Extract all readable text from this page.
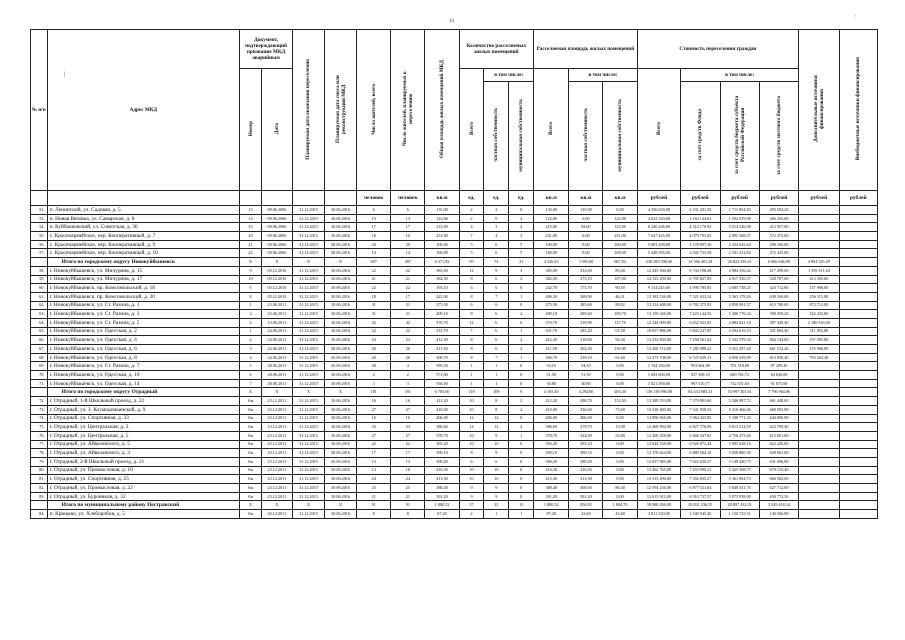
13	ˈ
|
№ п/п	Адрес МКД	Документ, подтверждающий признание МКД аварийным		Планируемая дата окончания переселения	Планируемая дата сноса или реконструкции МКД	Число жителей, всего	Число жителей, планируемых к переселению	Общая площадь жилых помещений МКД	Количество расселяемых жилых помещений			Расселяемая площадь жилых помещений			Стоимость переселения граждан				Дополнительные источники финансирования	Внебюджетные источники финансирования
		Номер	Дата						Всего	в том числе:		Всего	в том числе:		Всего	в том числе:				
										частная собственность	муниципальная собственность		частная собственность	муниципальная собственность		за счет средств Фонда	за счет средств бюджета субъекта Российской Федерации	за счет средств местного бюджета		
						человек	человек	кв.м	ед.	ед.	ед.	кв.м	кв.м	кв.м	рублей	рублей	рублей	рублей	рублей	рублей
52.	п. Ленинский, ул. Садовая, д. 5	13	09.06.2006	31.12.2015	30.06.2016	6	6	135,00	2	2	0	135,00	135,00	0,00	4 336 650,00	2 331 201,50	1 711 854,30	293 594,20		
53.	п. Новая Вязовка, ул. Самарская, д. 8	14	09.06.2006	31.12.2015	30.06.2016	13	13	122,00	2	0	2	122,00	0,00	122,00	4 022 320,00	2 163 144,02	1 592 919,98	266 256,00		
54.	п. Куйбышевский, ул. Советская, д. 30	15	09.06.2006	31.12.2015	30.06.2016	17	17	215,00	4	2	2	215,00	92,00	123,00	8 240 246,00	4 314 170,92	3 514 546,08	412 957,00		
55.	с. Красноармейское, пер. Кооперативный, д. 7	20	09.06.2006	31.12.2015	30.06.2016	16	16	231,00	7	4	3	231,00	0,00	231,00	7 647 445,00	4 079 703,65	2 995 368,37	572 372,00		
56.	с. Красноармейское, пер. Кооперативный, д. 9	21	09.06.2006	31.12.2015	30.06.2016	20	20	100,00	5	0	5	100,00	0,00	100,00	5 803 200,00	3 178 997,36	2 334 045,64	290 160,00		
57.	с. Красноармейское, пер. Кооперативный, д. 10	22	09.06.2006	31.12.2015	30.06.2016	14	14	169,00	5	0	5	169,00	0,00	169,00	5 448 505,00	2 945 733,58	2 181 412,82	272 425,00		
	Итого по городскому округу Новокуйбышевск	X	X	X	X	497	497	6 371,92	95	74	21	4 326,43	3 505,60	867,83	238 283 598,00	34 366 401,38	26 822 416,41	6 966 646,00	4 884 345,29	
58.	г. Новокуйбышевск, ул. Мичурина, д. 15	9	05.12.2010	31.12.2015	30.06.2016	22	22	383,00	12	9	3	383,00	233,60	89,40	12 245 500,00	6 744 198,28	4 984 356,42	617 299,00	1 359 311,20	
59.	г. Новокуйбышевск, ул. Мичурина, д. 17	10	05.12.2010	31.12.2015	30.06.2016	21	21	382,50	8	6	2	382,50	275,10	107,00	12 123 250,00	6 705 827,83	4 917 356,37	528 707,00	413 305,60	
60.	г. Новокуйбышевск, пр. Комсомольский, д. 18	5	05.12.2010	31.12.2015	30.06.2016	22	22	393,10	6	6	0	242,70	173,70	90,50	9 114 245,00	4 990 785,85	3 685 738,25	423 712,80	157 996,00	
61.	г. Новокуйбышевск, пр. Комсомольский, д. 20	8	05.12.2010	31.12.2015	30.06.2016	18	17	422,00	8	7	1	406,30	369,90	46,31	13 182 536,00	7 321 633,24	5 363 178,26	639 160,60	256 115,80	
62.	г. Новокуйбышевск, ул. Ст. Разина, д. 1	1	23.06.2011	31.12.2015	30.06.2016	31	31	275,50	6	6	0	275,50	185,60	89,92	13 224 688,00	6 782 375,83	4 958 991,57	613 700,60	872 712,80	
63.	г. Новокуйбышевск, ул. Ст. Разина, д. 3	2	23.06.2011	31.12.2015	30.06.2016	31	31	409,10	8	6	2	409,10	289,40	109,70	13 159 346,00	7 223 144,56	5 306 776,34	599 459,20	162 432,80	
64.	г. Новокуйбышевск, ул. Ст. Разина, д. 5	4	23.06.2011	31.12.2015	30.06.2016	42	42	376,70	12	6	6	376,70	218,90	127,70	12 144 909,00	6 652 923,82	4 884 641,18	587 349,40	2 186 316,00	
65.	г. Новокуйбышевск, ул. Одесская, д. 2	1	24.06.2011	31.12.2015	30.06.2016	22	22	331,70	7	6	1	331,70	283,20	61,00	10 657 886,00	5 843 247,85	4 294 616,53	521 894,40	311 092,80	
66.	г. Новокуйбышевск, ул. Одесская, д. 4	2	24.06.2011	31.12.2015	30.06.2016	23	23	412,30	8	6	2	412,30	318,00	94,30	13 232 830,00	7 258 561,64	5 342 579,34	664 144,00	197 905,80	
67.	г. Новокуйбышевск, ул. Одесская, д. 6	3	24.06.2011	31.12.2015	30.06.2016	26	26	411,50	8	6	2	411,50	302,30	110,00	13 260 712,00	7 285 998,22	5 353 297,44	661 512,40	155 966,80	
68.	г. Новокуйбышевск, ул. Одесская, д. 8	4	24.06.2011	31.12.2015	30.06.2016	26	26	300,70	8	7	1	300,70	239,10	61,60	12 273 708,00	6 725 639,11	4 956 339,99	613 830,40	793 264,40	
69.	г. Новокуйбышевск, ул. Ст. Разина, д. 7	5	28.06.2011	31.12.2015	30.06.2016	40	4	595,50	1	1	0	54,10	54,10	0,00	1 744 184,00	953 664,00	701 518,00	87 209,20		
70.	г. Новокуйбышевск, ул. Одесская, д. 10	6	28.06.2011	31.12.2015	30.06.2016	2	2	571,00	1	1	0	51,50	51,50	0,00	1 692 600,00	927 308,10	680 761,72	84 630,00		
71.	г. Новокуйбышевск, ул. Одесская, д. 14	7	28.06.2011	31.12.2015	30.06.2016	3	3	594,00	1	1	0	30,80	30,80	0,00	1 021 500,00	997 510,77	732 531,65	91 075,00		
	Итого по городскому округу Отрадный	X	X	X	X	181	181	6 705,60	118	109	9	4 105,40	4 294,80	203,30	136 138 996,00	84 434 985,31	53 997 301,61	7 796 964,06		
72.	г. Отрадный, 1-й Школьный проезд, д. 22	б/н	23.12.2011	31.12.2015	30.06.2016	16	16	412,20	10	8	2	412,20	298,70	113,50	13 389 553,00	7 379 883,60	5 346 987,72	661 448,60		
73.	г. Отрадный, ул. З. Космодемьянской, д. 9	б/н	23.12.2011	31.12.2015	30.06.2016	27	27	410,00	10	8	2	410,00	336,40	73,60	13 318 400,00	7 341 838,53	5 316 466,46	660 095,00		
74.	г. Отрадный, ул. Спортивная, д. 33	б/н	23.12.2011	31.12.2015	30.06.2016	16	16	406,00	12	12	0	406,00	406,00	0,00	12 896 656,00	7 064 423,80	5 188 771,20	644 800,00		
75.	г. Отрадный, ул. Центральная, д. 3	б/н	23.12.2011	31.12.2015	30.06.2016	33	33	386,60	14	12	2	386,60	379,70	13,90	12 469 994,00	6 827 776,99	5 013 214,59	623 799,40		
76.	г. Отрадный, ул. Центральная, д. 5	б/н	23.12.2011	31.12.2015	30.06.2016	27	27	378,70	10	9	1	378,70	324,90	53,80	12 300 258,00	6 468 347,81	4 756 275,40	615 601,60		
77.	г. Отрадный, ул. Айвазовского, д. 5	б/н	23.12.2011	31.12.2015	30.06.2016	22	22	393,20	10	10	0	393,20	393,20	0,00	12 644 538,00	6 926 872,44	5 085 628,16	622 226,80		
78.	г. Отрадный, ул. Айвазовского, д. 3	б/н	23.12.2011	31.12.2015	30.06.2016	17	17	390,10	8	8	0	390,10	390,10	0,00	12 176 624,00	6 889 564,10	5 058 860,30	628 861,60		
79.	г. Отрадный, 2-й Школьный проезд, д. 21	б/н	23.12.2011	31.12.2015	30.06.2016	13	13	390,20	6	6	0	390,20	390,20	0,00	12 637 985,00	7 022 630,27	5 149 420,73	631 696,00		
80.	г. Отрадный, ул. Промысловая, д. 10	б/н	23.12.2011	31.12.2015	30.06.2016	14	18	416,30	10	10	0	416,30	416,30	0,00	13 462 765,00	7 453 990,21	5 425 368,75	679 133,40		
81.	г. Отрадный, ул. Спортивная, д. 25	б/н	23.12.2011	31.12.2015	30.06.2016	24	24	413,30	10	10	0	413,30	413,30	0,00	13 313 290,00	7 302 835,27	5 361 904,73	666 562,00		
82.	г. Отрадный, ул. Промысловая, д. 22	б/н	23.12.2011	31.12.2015	30.06.2016	25	25	388,40	9	9	0	388,40	300,00	86,40	12 594 236,00	6 877 521,04	5 040 331,76	627 712,00		
83.	г. Отрадный, ул. Буровиков, д. 32	б/н	23.12.2011	31.12.2015	30.06.2016	21	21	391,20	9	9	0	391,20	391,20	0,00	12 615 912,00	6 910 737,57	5 073 958,90	630 772,50		
	Итого по муниципальному району Пестравский	X	X	X	X	91	91	1 880,52	37	22	15	1 880,52	856,82	1 894,70	58 980 206,00	29 831 336,55	20 897 432,91	3 249 418,34		
84.	п. Крюково, ул. Хлеборобов, д. 5	б/н	26.12.2011	31.12.2015	30.06.2016	8	8	87,20	2	1	1	87,20	43,60	43,60	2 811 520,00	1 540 945,40	1 130 725,51	140 566,00		
